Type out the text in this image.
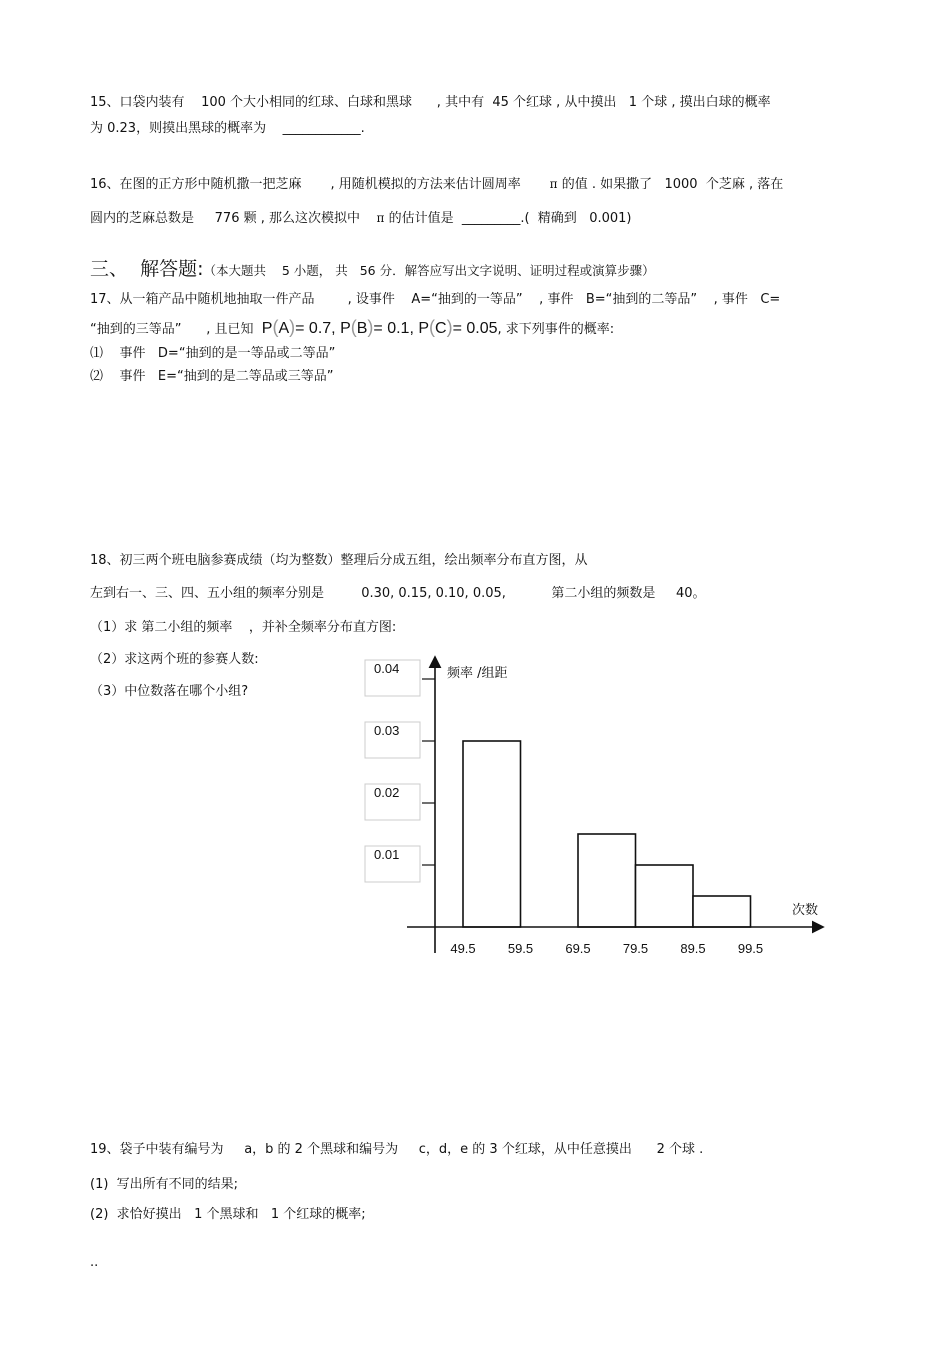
15、口袋内装有    100 个大小相同的红球、白球和黑球      , 其中有  45 个红球 , 从中摸出   1 个球 , 摸出白球的概率
为 0.23，则摸出黑球的概率为    ____________.
16、在图的正方形中随机撒一把芝麻       , 用随机模拟的方法来估计圆周率       π 的值 . 如果撒了   1000  个芝麻 , 落在
圆内的芝麻总数是     776 颗 , 那么这次模拟中    π 的估计值是  _________.(  精确到   0.001)
三、  解答题:（本大题共    5 小题， 共   56 分．解答应写出文字说明、证明过程或演算步骤）
17、从一箱产品中随机地抽取一件产品        , 设事件    A=“抽到的一等品”    , 事件   B=“抽到的二等品”    , 事件   C=
“抽到的三等品”      , 且已知  P(A)= 0.7, P(B)= 0.1, P(C)= 0.05, 求下列事件的概率:
⑴    事件   D=“抽到的是一等品或二等品”
⑵    事件   E=“抽到的是二等品或三等品”
18、初三两个班电脑参赛成绩（均为整数）整理后分成五组，绘出频率分布直方图，从
左到右一、三、四、五小组的频率分别是         0.30, 0.15, 0.10, 0.05,           第二小组的频数是     40。
（1）求 第二小组的频率    ，并补全频率分布直方图:
（2）求这两个班的参赛人数:
（3）中位数落在哪个小组?
0.04
0.03
0.02
0.01
频率 /组距
次数
49.5 59.5 69.5 79.5 89.5 99.5
19、袋子中装有编号为     a，b 的 2 个黑球和编号为     c，d，e 的 3 个红球，从中任意摸出      2 个球 .
(1)  写出所有不同的结果;
(2)  求恰好摸出   1 个黑球和   1 个红球的概率;
..
